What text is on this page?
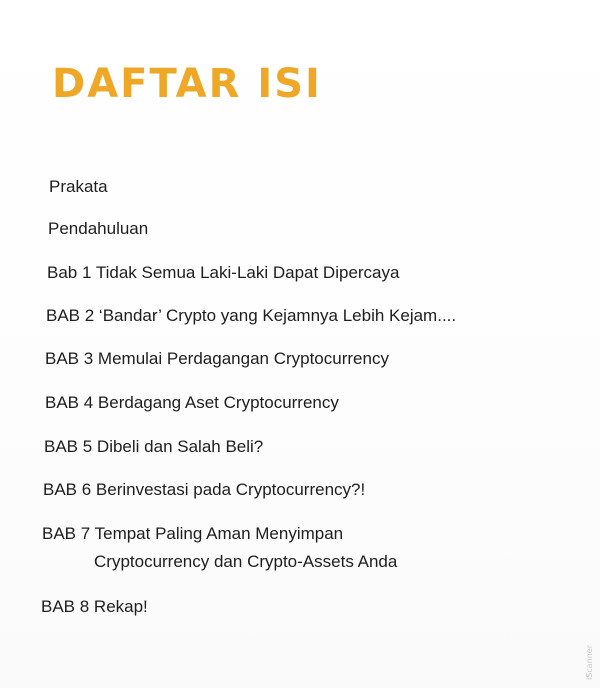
DAFTAR ISI
Prakata
Pendahuluan
Bab 1 Tidak Semua Laki-Laki Dapat Dipercaya
BAB 2 ‘Bandar’ Crypto yang Kejamnya Lebih Kejam....
BAB 3 Memulai Perdagangan Cryptocurrency
BAB 4 Berdagang Aset Cryptocurrency
BAB 5 Dibeli dan Salah Beli?
BAB 6 Berinvestasi pada Cryptocurrency?!
BAB 7 Tempat Paling Aman Menyimpan
Cryptocurrency dan Crypto-Assets Anda
BAB 8 Rekap!
iScanner
